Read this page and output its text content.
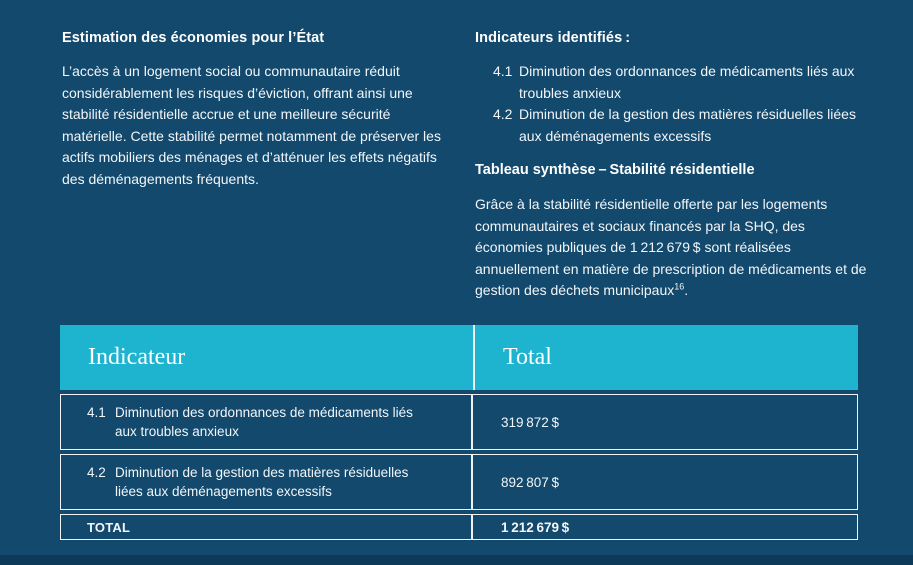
Estimation des économies pour l’État

L’accès à un logement social ou communautaire réduit considérablement les risques d’éviction, offrant ainsi une stabilité résidentielle accrue et une meilleure sécurité matérielle. Cette stabilité permet notamment de préserver les actifs mobiliers des ménages et d’atténuer les effets négatifs des déménagements fréquents.

Indicateurs identifiés :
4.1 Diminution des ordonnances de médicaments liés aux troubles anxieux
4.2 Diminution de la gestion des matières résiduelles liées aux déménagements excessifs
Tableau synthèse – Stabilité résidentielle

Grâce à la stabilité résidentielle offerte par les logements communautaires et sociaux financés par la SHQ, des économies publiques de 1 212 679 $ sont réalisées annuellement en matière de prescription de médicaments et de gestion des déchets municipaux$^{16}$.

Indicateur	Total
4.1 Diminution des ordonnances de médicaments liés aux troubles anxieux
319 872 $
4.2 Diminution de la gestion des matières résiduelles liées aux déménagements excessifs
892 807 $
TOTAL	1 212 679 $
